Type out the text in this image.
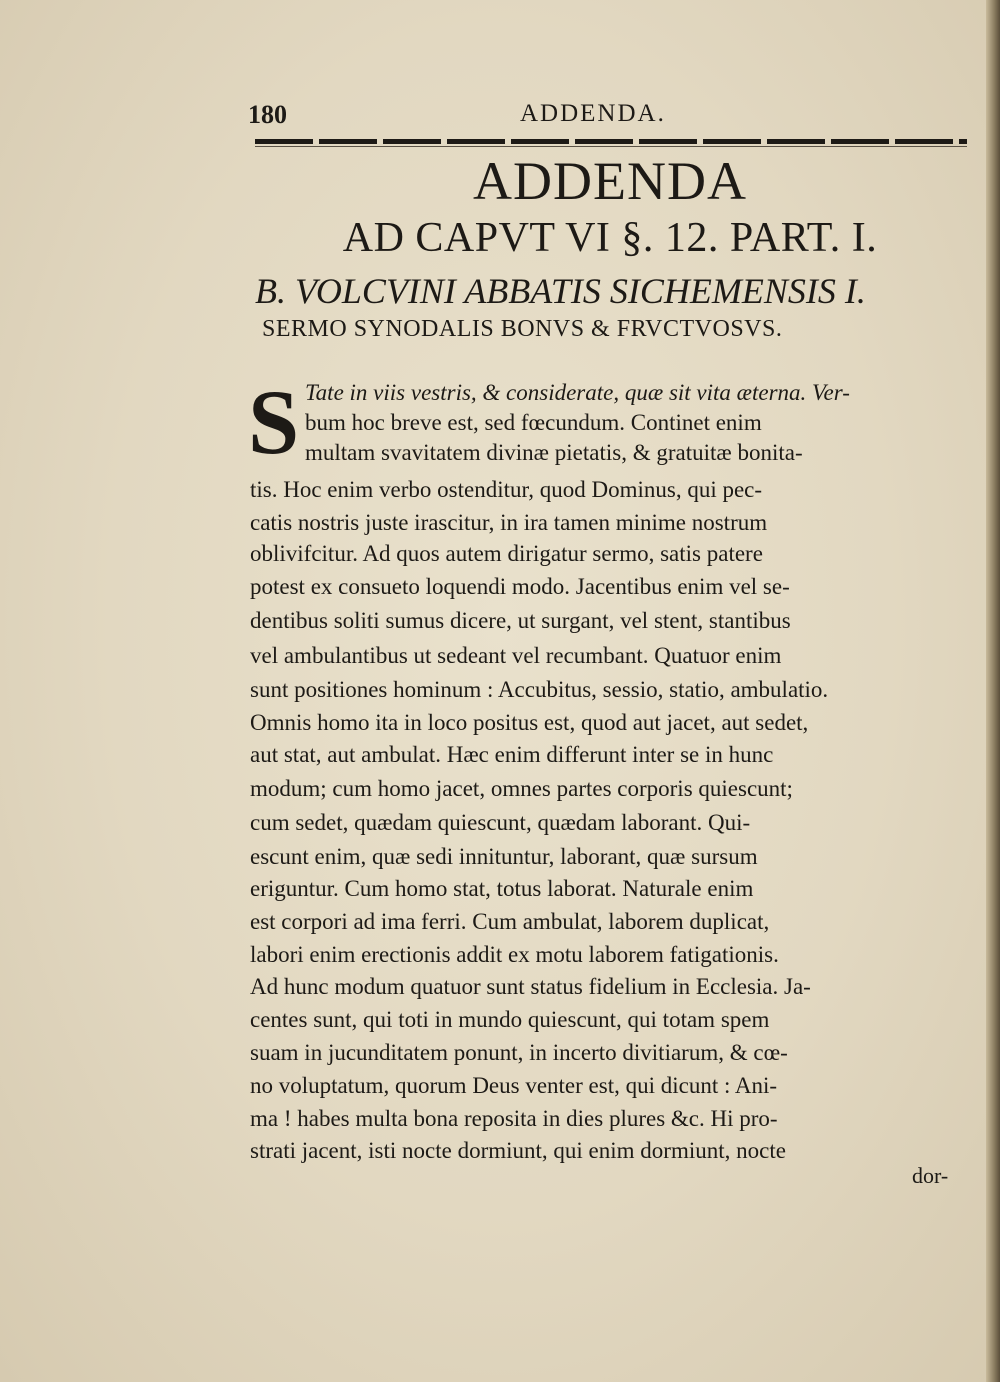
180	ADDENDA.
ADDENDA
AD CAPVT VI §. 12. PART. I.
B. VOLCVINI ABBATIS SICHEMENSIS I.
SERMO SYNODALIS BONVS & FRVCTVOSVS.
S Tate in viis vestris, & considerate, quæ sit vita æterna. Ver-
bum hoc breve est, sed fœcundum. Continet enim
multam svavitatem divinæ pietatis, & gratuitæ bonita-
tis. Hoc enim verbo ostenditur, quod Dominus, qui pec-
catis nostris juste irascitur, in ira tamen minime nostrum
oblivifcitur. Ad quos autem dirigatur sermo, satis patere
potest ex consueto loquendi modo. Jacentibus enim vel se-
dentibus soliti sumus dicere, ut surgant, vel stent, stantibus
vel ambulantibus ut sedeant vel recumbant. Quatuor enim
sunt positiones hominum : Accubitus, sessio, statio, ambulatio.
Omnis homo ita in loco positus est, quod aut jacet, aut sedet,
aut stat, aut ambulat. Hæc enim differunt inter se in hunc
modum; cum homo jacet, omnes partes corporis quiescunt;
cum sedet, quædam quiescunt, quædam laborant. Qui-
escunt enim, quæ sedi innituntur, laborant, quæ sursum
eriguntur. Cum homo stat, totus laborat. Naturale enim
est corpori ad ima ferri. Cum ambulat, laborem duplicat,
labori enim erectionis addit ex motu laborem fatigationis.
Ad hunc modum quatuor sunt status fidelium in Ecclesia. Ja-
centes sunt, qui toti in mundo quiescunt, qui totam spem
suam in jucunditatem ponunt, in incerto divitiarum, & cœ-
no voluptatum, quorum Deus venter est, qui dicunt : Ani-
ma ! habes multa bona reposita in dies plures &c. Hi pro-
strati jacent, isti nocte dormiunt, qui enim dormiunt, nocte
dor-
